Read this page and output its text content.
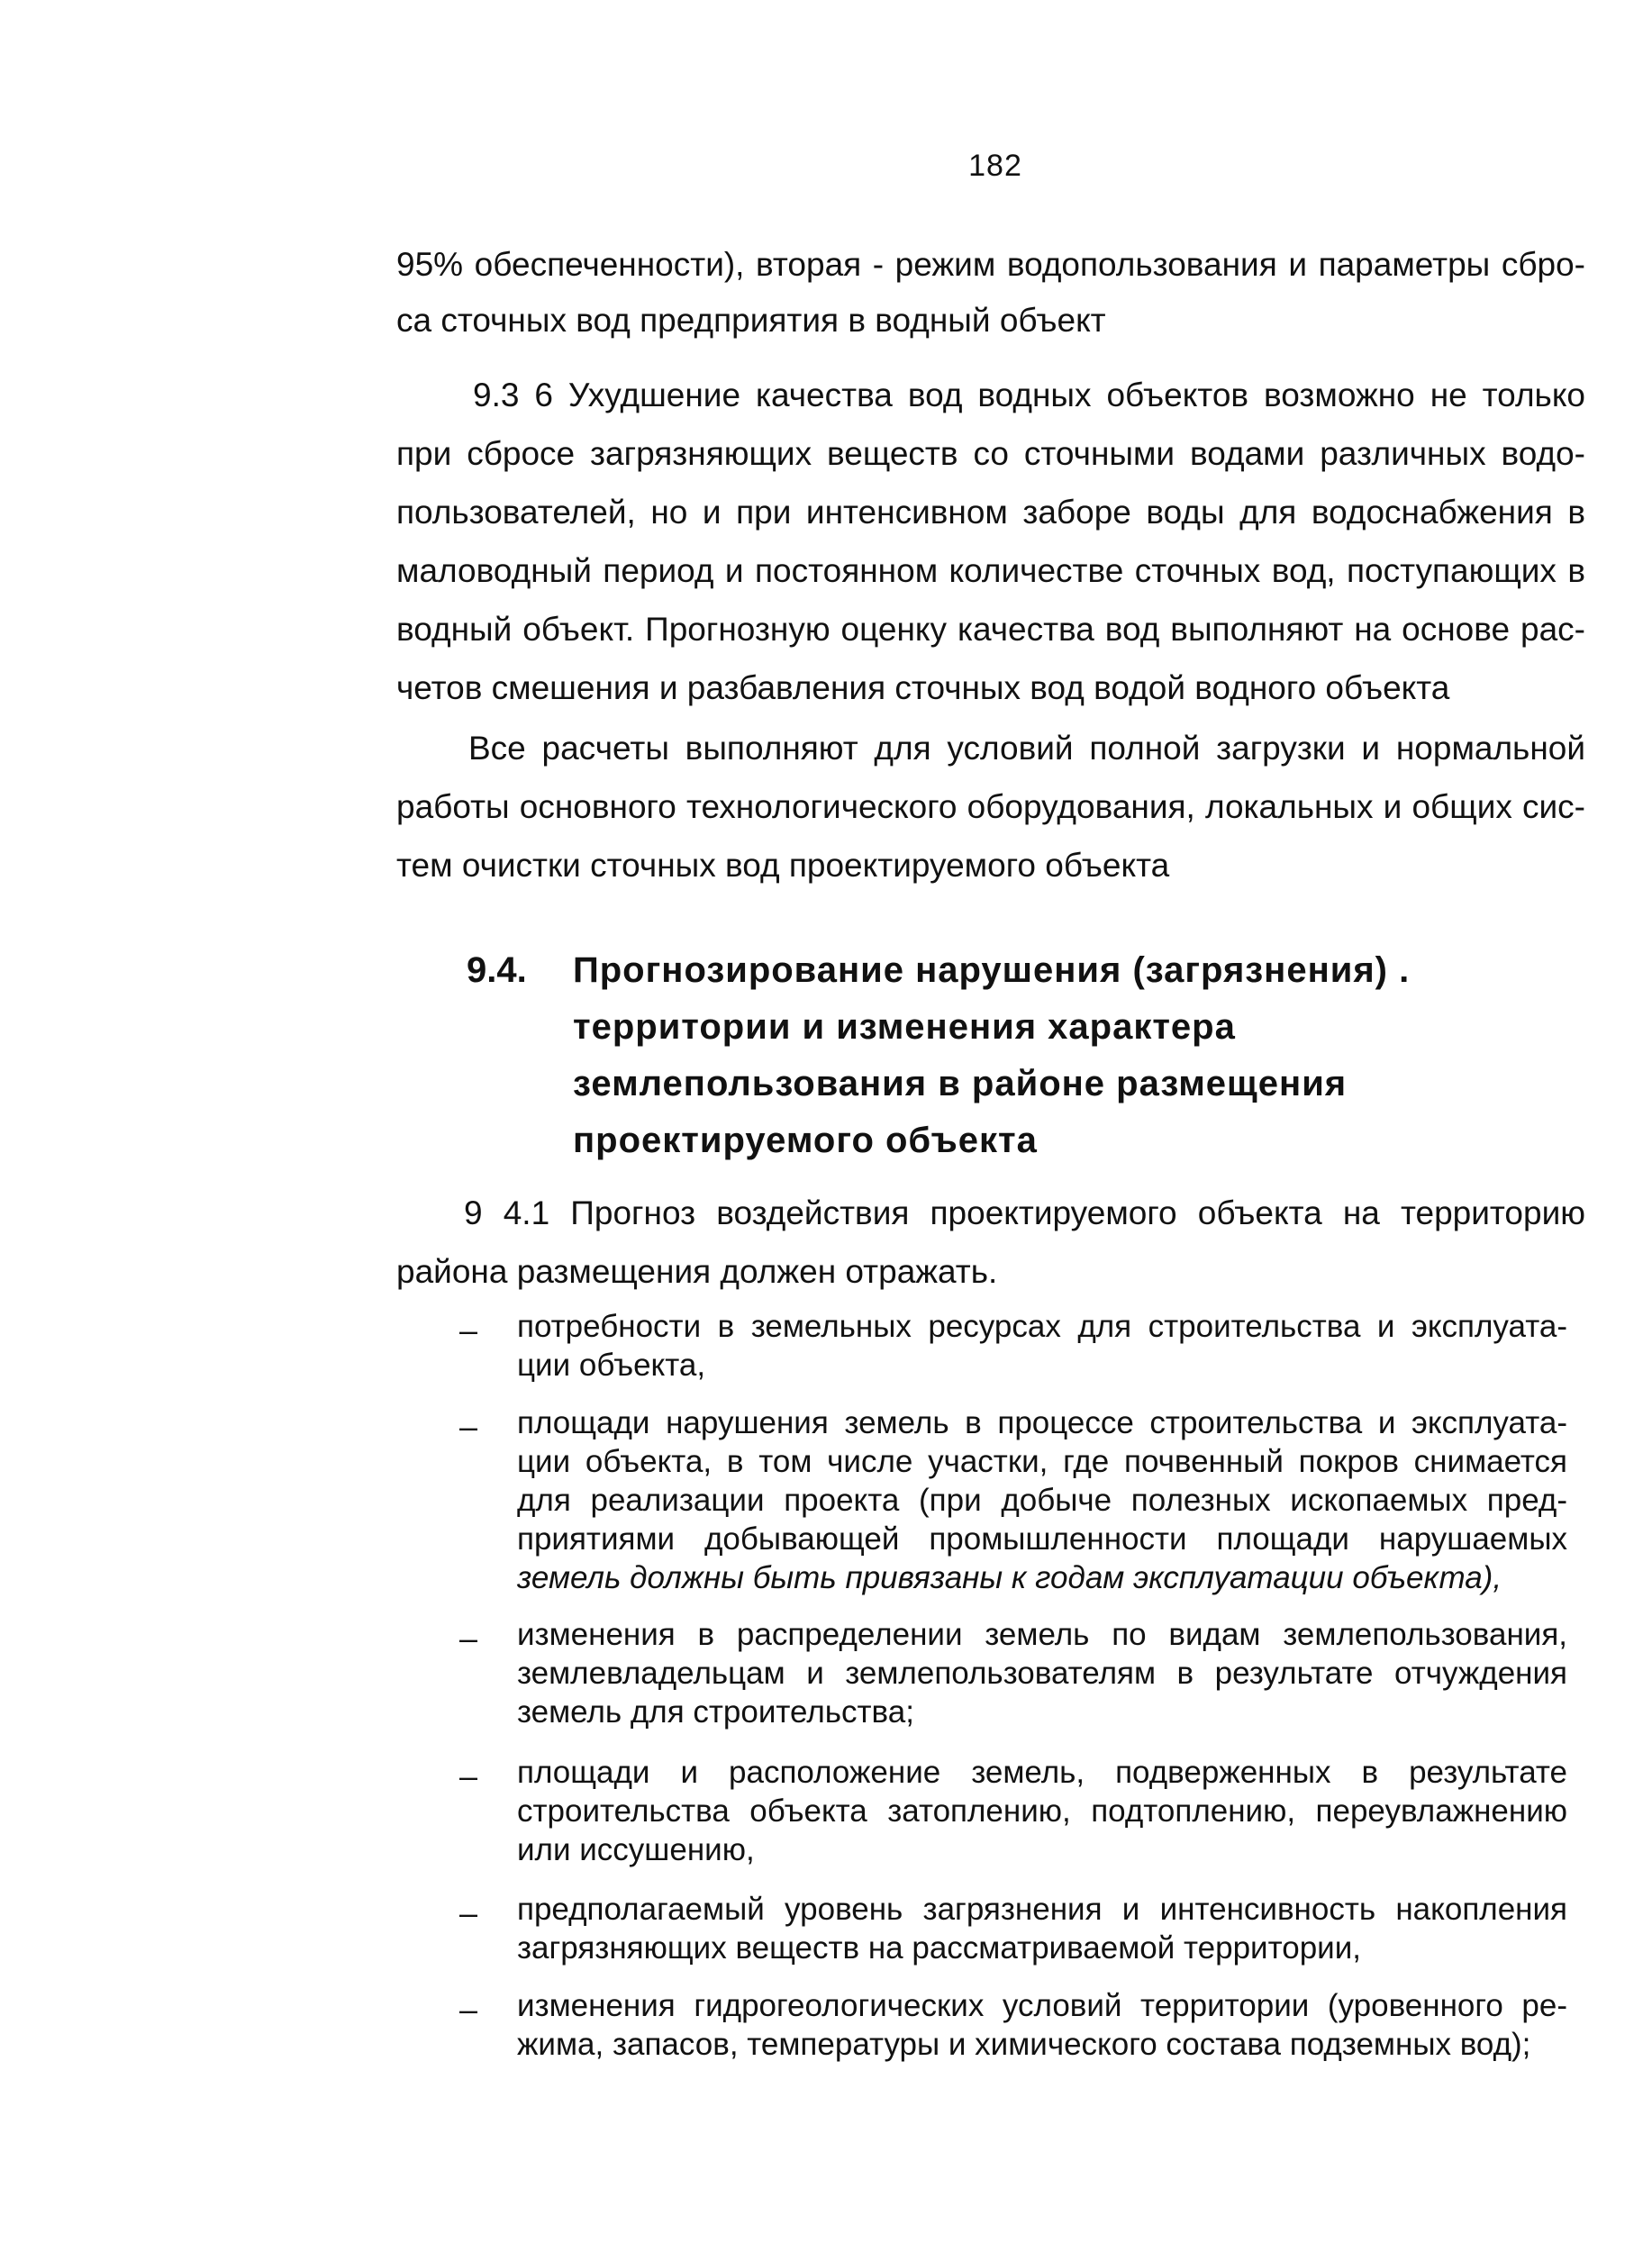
182
95% обеспеченности), вторая - режим водопользования и параметры сбро-
са сточных вод предприятия в водный объект
9.3 6 Ухудшение качества вод водных объектов возможно не только
при сбросе загрязняющих веществ со сточными водами различных водо-
пользователей, но и при интенсивном заборе воды для водоснабжения в
маловодный период и постоянном количестве сточных вод, поступающих в
водный объект. Прогнозную оценку качества вод выполняют на основе рас-
четов смешения и разбавления сточных вод водой водного объекта
Все расчеты выполняют для условий полной загрузки и нормальной
работы основного технологического оборудования, локальных и общих сис-
тем очистки сточных вод проектируемого объекта
9.4. Прогнозирование нарушения (загрязнения) .
территории и изменения характера
землепользования в районе размещения
проектируемого объекта
9 4.1 Прогноз воздействия проектируемого объекта на территорию
района размещения должен отражать.
– потребности в земельных ресурсах для строительства и эксплуата-
ции объекта,
– площади нарушения земель в процессе строительства и эксплуата-
ции объекта, в том числе участки, где почвенный покров снимается
для реализации проекта (при добыче полезных ископаемых пред-
приятиями добывающей промышленности площади нарушаемых
земель должны быть привязаны к годам эксплуатации объекта),
– изменения в распределении земель по видам землепользования,
землевладельцам и землепользователям в результате отчуждения
земель для строительства;
– площади и расположение земель, подверженных в результате
строительства объекта затоплению, подтоплению, переувлажнению
или иссушению,
– предполагаемый уровень загрязнения и интенсивность накопления
загрязняющих веществ на рассматриваемой территории,
– изменения гидрогеологических условий территории (уровенного ре-
жима, запасов, температуры и химического состава подземных вод);
